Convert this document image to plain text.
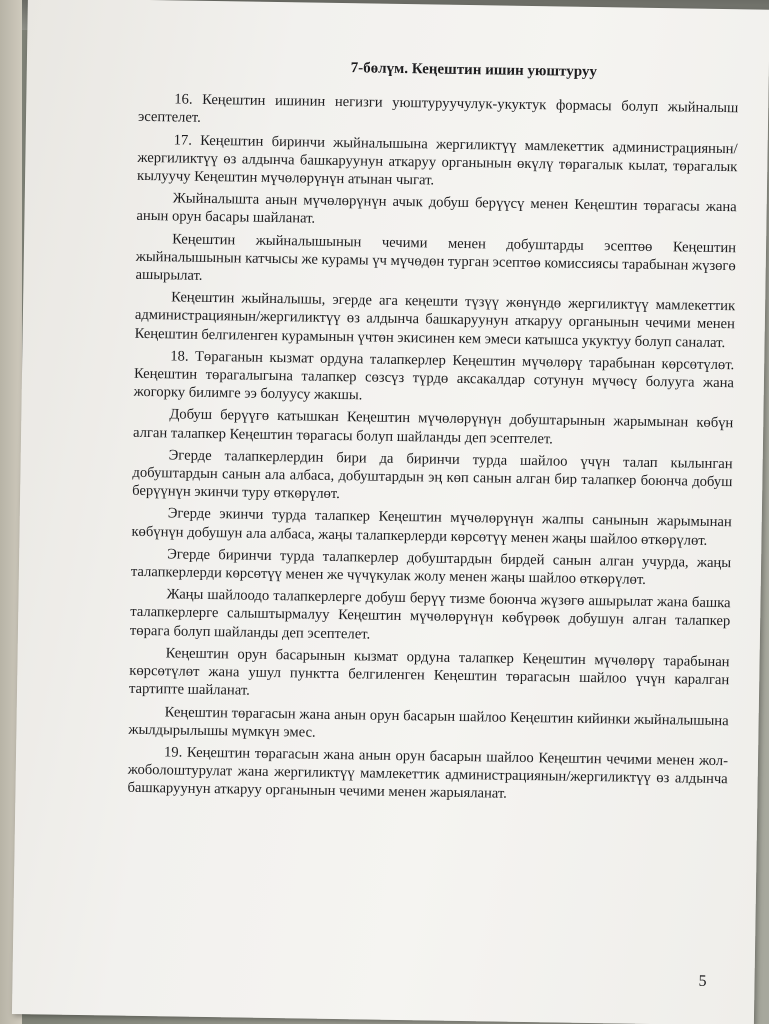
7-бөлүм. Кеңештин ишин уюштуруу

16. Кеңештин ишинин негизги уюштуруучулук-укуктук формасы болуп жыйналыш эсептелет.

17. Кеңештин биринчи жыйналышына жергиликтүү мамлекеттик администрациянын/жергиликтүү өз алдынча башкаруунун аткаруу органынын өкүлү төрагалык кылат, төрагалык кылуучу Кеңештин мүчөлөрүнүн атынан чыгат.

Жыйналышта анын мүчөлөрүнүн ачык добуш берүүсү менен Кеңештин төрагасы жана анын орун басары шайланат.

Кеңештин жыйналышынын чечими менен добуштарды эсептөө Кеңештин жыйналышынын катчысы же курамы үч мүчөдөн турган эсептөө комиссиясы тарабынан жүзөгө ашырылат.

Кеңештин жыйналышы, эгерде ага кеңешти түзүү жөнүндө жергиликтүү мамлекеттик администрациянын/жергиликтүү өз алдынча башкаруунун аткаруу органынын чечими менен Кеңештин белгиленген курамынын үчтөн экисинен кем эмеси катышса укуктуу болуп саналат.

18. Төраганын кызмат ордуна талапкерлер Кеңештин мүчөлөрү тарабынан көрсөтүлөт. Кеңештин төрагалыгына талапкер сөзсүз түрдө аксакалдар сотунун мүчөсү болууга жана жогорку билимге ээ болуусу жакшы.

Добуш берүүгө катышкан Кеңештин мүчөлөрүнүн добуштарынын жарымынан көбүн алган талапкер Кеңештин төрагасы болуп шайланды деп эсептелет.

Эгерде талапкерлердин бири да биринчи турда шайлоо үчүн талап кылынган добуштардын санын ала албаса, добуштардын эң көп санын алган бир талапкер боюнча добуш берүүнүн экинчи туру өткөрүлөт.

Эгерде экинчи турда талапкер Кеңештин мүчөлөрүнүн жалпы санынын жарымынан көбүнүн добушун ала албаса, жаңы талапкерлерди көрсөтүү менен жаңы шайлоо өткөрүлөт.

Эгерде биринчи турда талапкерлер добуштардын бирдей санын алган учурда, жаңы талапкерлерди көрсөтүү менен же чүчүкулак жолу менен жаңы шайлоо өткөрүлөт.

Жаңы шайлоодо талапкерлерге добуш берүү тизме боюнча жүзөгө ашырылат жана башка талапкерлерге салыштырмалуу Кеңештин мүчөлөрүнүн көбүрөөк добушун алган талапкер төрага болуп шайланды деп эсептелет.

Кеңештин орун басарынын кызмат ордуна талапкер Кеңештин мүчөлөрү тарабынан көрсөтүлөт жана ушул пунктта белгиленген Кеңештин төрагасын шайлоо үчүн каралган тартипте шайланат.

Кеңештин төрагасын жана анын орун басарын шайлоо Кеңештин кийинки жыйналышына жылдырылышы мүмкүн эмес.

19. Кеңештин төрагасын жана анын орун басарын шайлоо Кеңештин чечими менен жол-жоболоштурулат жана жергиликтүү мамлекеттик администрациянын/жергиликтүү өз алдынча башкаруунун аткаруу органынын чечими менен жарыяланат.

5
